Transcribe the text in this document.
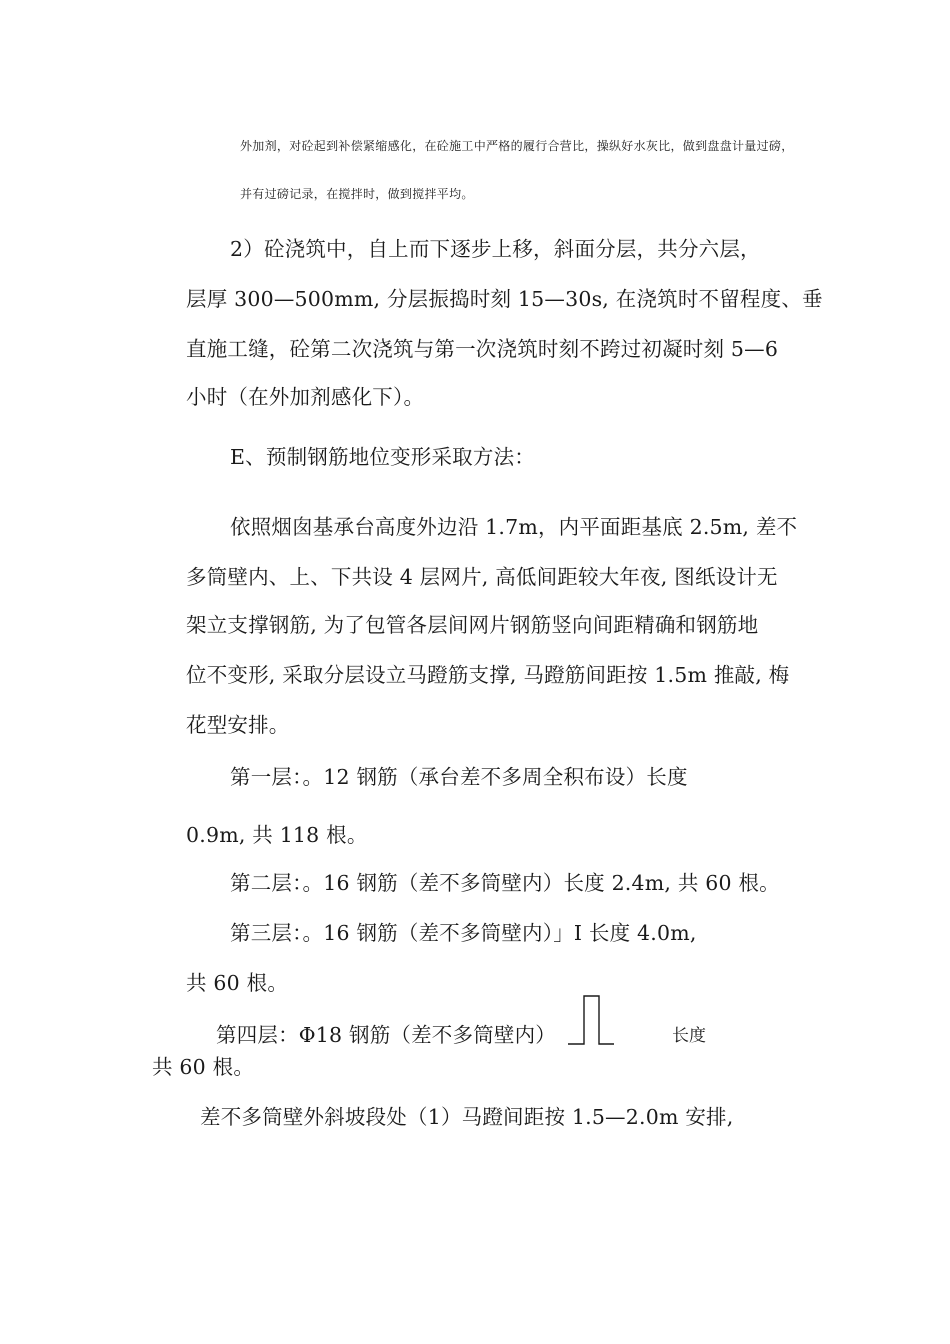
外加剂，对砼起到补偿紧缩感化，在砼施工中严格的履行合营比，操纵好水灰比，做到盘盘计量过磅，
并有过磅记录，在搅拌时，做到搅拌平均。
2）砼浇筑中，自上而下逐步上移，斜面分层，共分六层，
层厚 300—500mm, 分层振捣时刻 15—30s, 在浇筑时不留程度、垂
直施工缝，砼第二次浇筑与第一次浇筑时刻不跨过初凝时刻 5—6
小时（在外加剂感化下）。
E、预制钢筋地位变形采取方法：
依照烟囱基承台高度外边沿 1.7m，内平面距基底 2.5m, 差不
多筒壁内、上、下共设 4 层网片, 高低间距较大年夜, 图纸设计无
架立支撑钢筋, 为了包管各层间网片钢筋竖向间距精确和钢筋地
位不变形, 采取分层设立马蹬筋支撑, 马蹬筋间距按 1.5m 推敲, 梅
花型安排。
第一层：。12 钢筋（承台差不多周全积布设）长度
0.9m, 共 118 根。
第二层：。16 钢筋（差不多筒壁内）长度 2.4m, 共 60 根。
第三层：。16 钢筋（差不多筒壁内）」I 长度 4.0m,
共 60 根。
第四层：Φ18 钢筋（差不多筒壁内）	长度
共 60 根。
差不多筒壁外斜坡段处（1）马蹬间距按 1.5—2.0m 安排,
